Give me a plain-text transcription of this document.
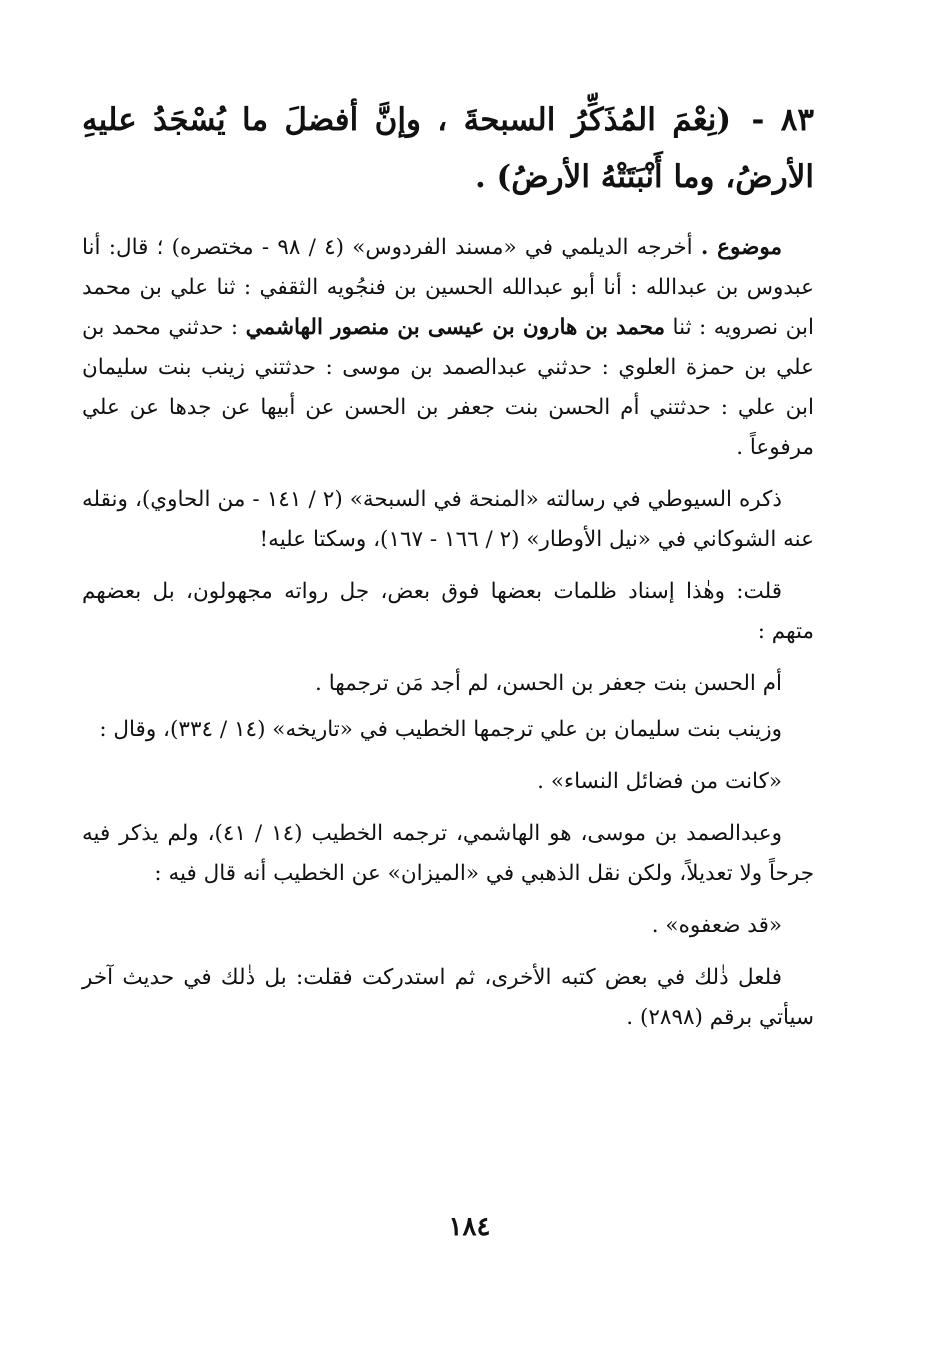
٨٣ - (نِعْمَ المُذَكِّرُ السبحةَ ، وإنَّ أفضلَ ما يُسْجَدُ عليهِ الأرضُ، وما أَنْبَتَتْهُ الأرضُ) .

موضوع . أخرجه الديلمي في «مسند الفردوس» (٤ / ٩٨ - مختصره) ؛ قال: أنا عبدوس بن عبدالله : أنا أبو عبدالله الحسين بن فنجُويه الثقفي : ثنا علي بن محمد ابن نصرويه : ثنا محمد بن هارون بن عيسى بن منصور الهاشمي : حدثني محمد بن علي بن حمزة العلوي : حدثني عبدالصمد بن موسى : حدثتني زينب بنت سليمان ابن علي : حدثتني أم الحسن بنت جعفر بن الحسن عن أبيها عن جدها عن علي مرفوعاً .

ذكره السيوطي في رسالته «المنحة في السبحة» (٢ / ١٤١ - من الحاوي)، ونقله عنه الشوكاني في «نيل الأوطار» (٢ / ١٦٦ - ١٦٧)، وسكتا عليه!

قلت: وهٰذا إسناد ظلمات بعضها فوق بعض، جل رواته مجهولون، بل بعضهم متهم :

أم الحسن بنت جعفر بن الحسن، لم أجد مَن ترجمها .

وزينب بنت سليمان بن علي ترجمها الخطيب في «تاريخه» (١٤ / ٣٣٤)، وقال :

«كانت من فضائل النساء» .

وعبدالصمد بن موسى، هو الهاشمي، ترجمه الخطيب (١٤ / ٤١)، ولم يذكر فيه جرحاً ولا تعديلاً، ولكن نقل الذهبي في «الميزان» عن الخطيب أنه قال فيه :

«قد ضعفوه» .

فلعل ذٰلك في بعض كتبه الأخرى، ثم استدركت فقلت: بل ذٰلك في حديث آخر سيأتي برقم (٢٨٩٨) .

١٨٤
